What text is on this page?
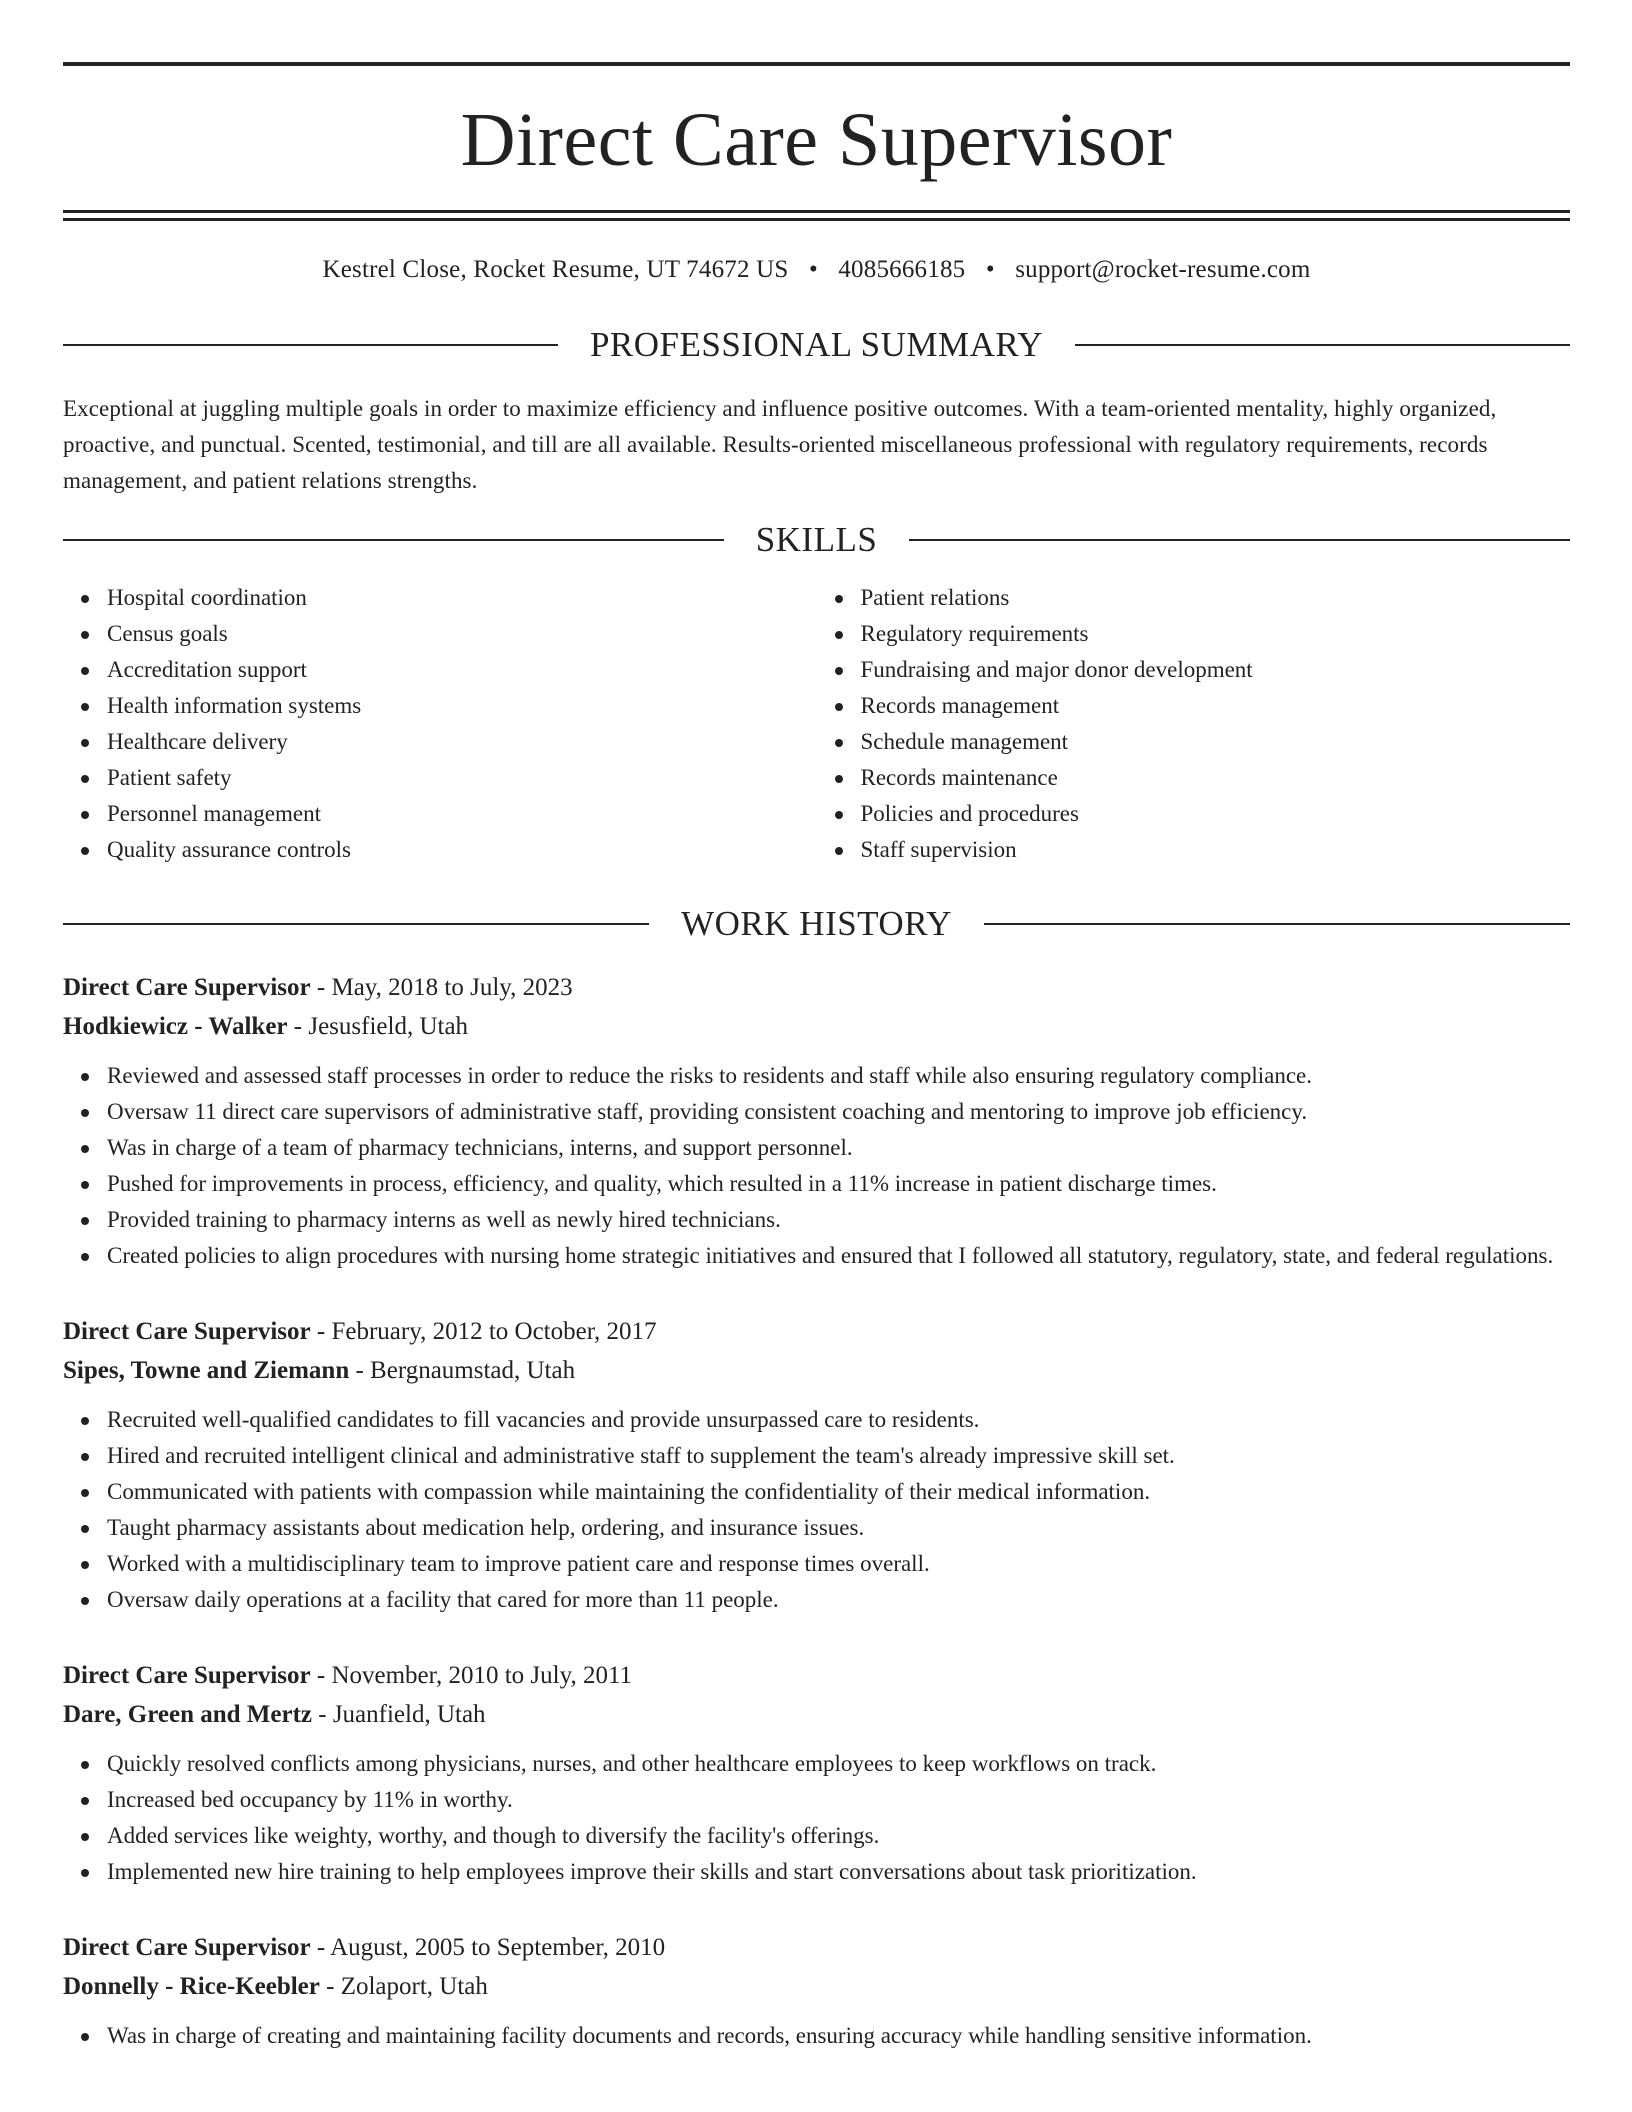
Direct Care Supervisor
Kestrel Close, Rocket Resume, UT 74672 US • 4085666185 • support@rocket-resume.com
PROFESSIONAL SUMMARY

Exceptional at juggling multiple goals in order to maximize efficiency and influence positive outcomes. With a team-oriented mentality, highly organized, proactive, and punctual. Scented, testimonial, and till are all available. Results-oriented miscellaneous professional with regulatory requirements, records management, and patient relations strengths.

SKILLS
Hospital coordination
Census goals
Accreditation support
Health information systems
Healthcare delivery
Patient safety
Personnel management
Quality assurance controls
Patient relations
Regulatory requirements
Fundraising and major donor development
Records management
Schedule management
Records maintenance
Policies and procedures
Staff supervision
WORK HISTORY
Direct Care Supervisor - May, 2018 to July, 2023
Hodkiewicz - Walker - Jesusfield, Utah
Reviewed and assessed staff processes in order to reduce the risks to residents and staff while also ensuring regulatory compliance.
Oversaw 11 direct care supervisors of administrative staff, providing consistent coaching and mentoring to improve job efficiency.
Was in charge of a team of pharmacy technicians, interns, and support personnel.
Pushed for improvements in process, efficiency, and quality, which resulted in a 11% increase in patient discharge times.
Provided training to pharmacy interns as well as newly hired technicians.
Created policies to align procedures with nursing home strategic initiatives and ensured that I followed all statutory, regulatory, state, and federal regulations.
Direct Care Supervisor - February, 2012 to October, 2017
Sipes, Towne and Ziemann - Bergnaumstad, Utah
Recruited well-qualified candidates to fill vacancies and provide unsurpassed care to residents.
Hired and recruited intelligent clinical and administrative staff to supplement the team's already impressive skill set.
Communicated with patients with compassion while maintaining the confidentiality of their medical information.
Taught pharmacy assistants about medication help, ordering, and insurance issues.
Worked with a multidisciplinary team to improve patient care and response times overall.
Oversaw daily operations at a facility that cared for more than 11 people.
Direct Care Supervisor - November, 2010 to July, 2011
Dare, Green and Mertz - Juanfield, Utah
Quickly resolved conflicts among physicians, nurses, and other healthcare employees to keep workflows on track.
Increased bed occupancy by 11% in worthy.
Added services like weighty, worthy, and though to diversify the facility's offerings.
Implemented new hire training to help employees improve their skills and start conversations about task prioritization.
Direct Care Supervisor - August, 2005 to September, 2010
Donnelly - Rice-Keebler - Zolaport, Utah
Was in charge of creating and maintaining facility documents and records, ensuring accuracy while handling sensitive information.
